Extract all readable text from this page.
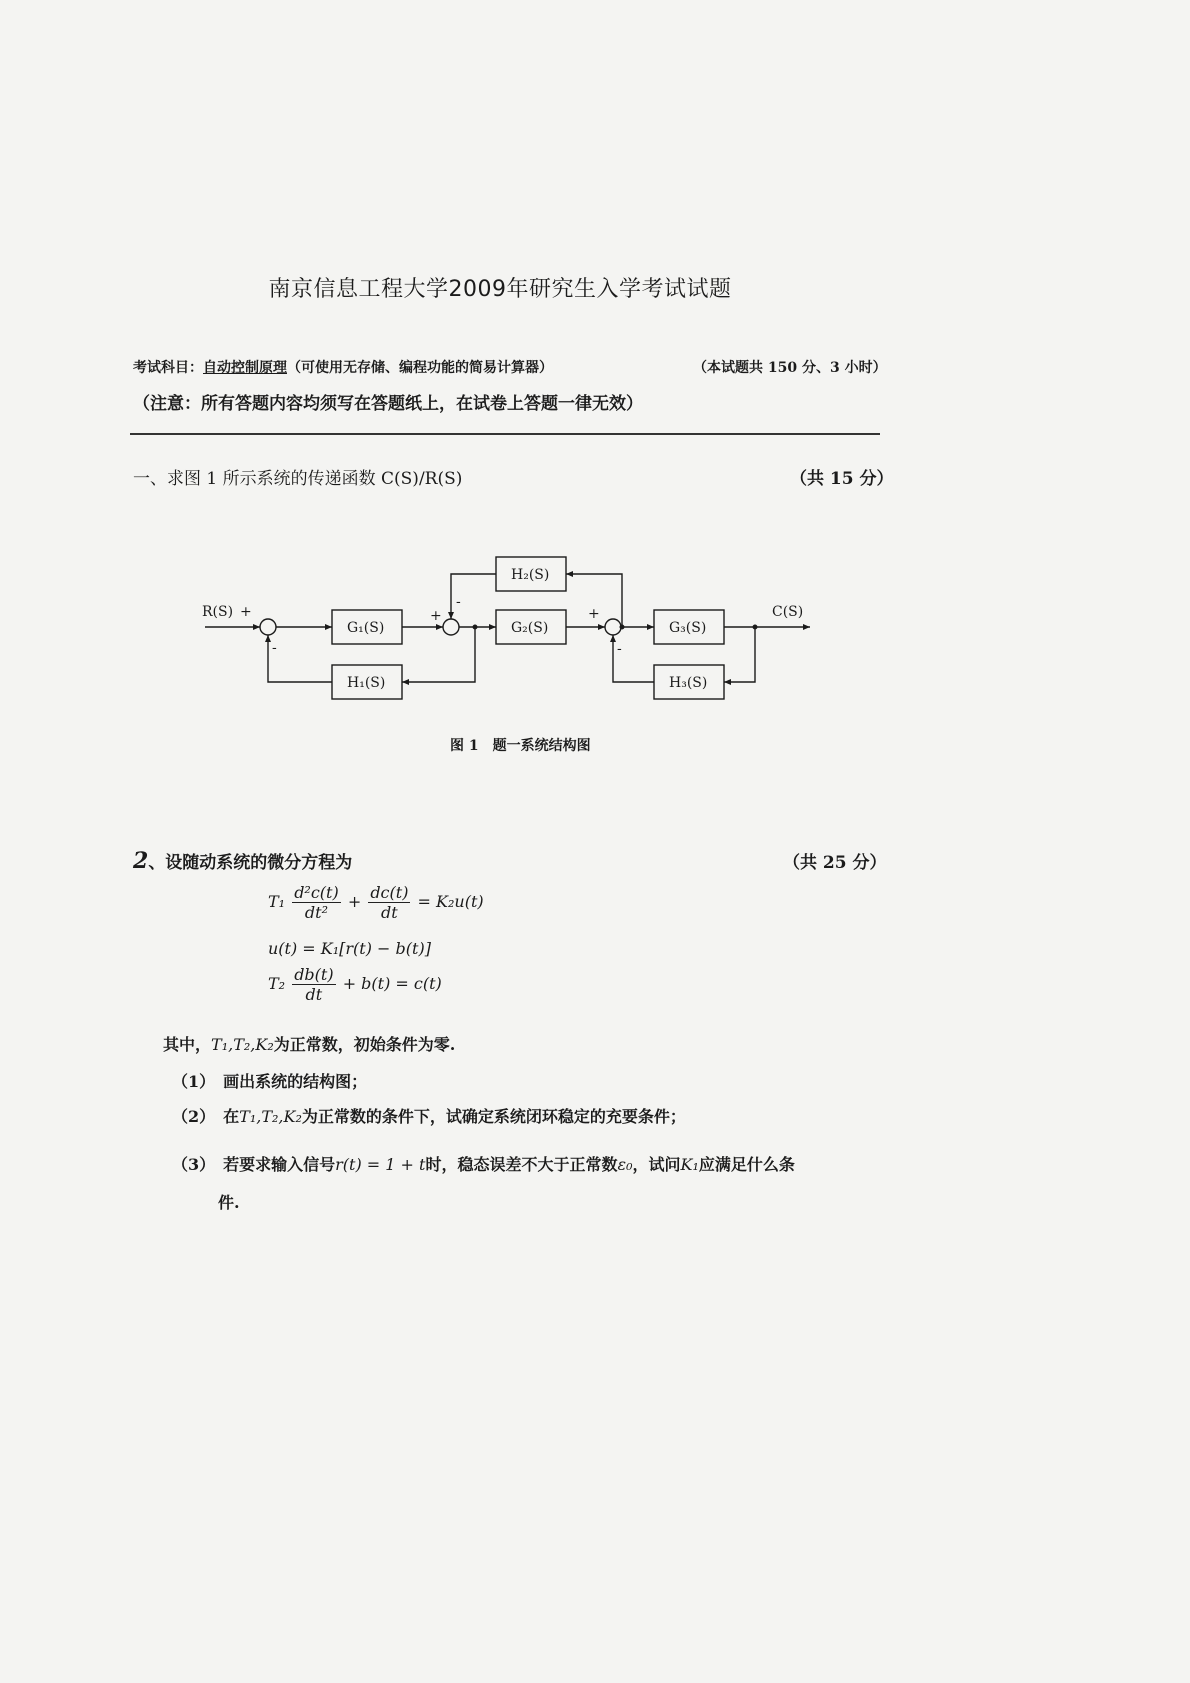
南京信息工程大学2009年研究生入学考试试题
考试科目：自动控制原理（可使用无存储、编程功能的简易计算器）	（本试题共 150 分、3 小时）
（注意：所有答题内容均须写在答题纸上，在试卷上答题一律无效）
一、求图 1 所示系统的传递函数 C(S)/R(S)	（共 15 分）
R(S) +
-
G₁(S)
+
-
G₂(S)
+
-
G₃(S)
C(S)
H₁(S)
H₂(S)
H₃(S)
图 1　题一系统结构图
2、设随动系统的微分方程为	（共 25 分）
$T_1 \frac{\text{d²c(t)}}{\text{dt²}} + \frac{dc(t)}{dt} = K_2u(t)$
u(t) = K₁[r(t) − b(t)]
$T_2 \frac{db(t)}{dt} + b(t) = c(t)$
其中，T₁,T₂,K₂为正常数，初始条件为零.
（1）　画出系统的结构图；
（2）　在T₁,T₂,K₂为正常数的条件下，试确定系统闭环稳定的充要条件；
（3）　若要求输入信号r(t) = 1 + t时，稳态误差不大于正常数ε₀，试问K₁应满足什么条
件.
